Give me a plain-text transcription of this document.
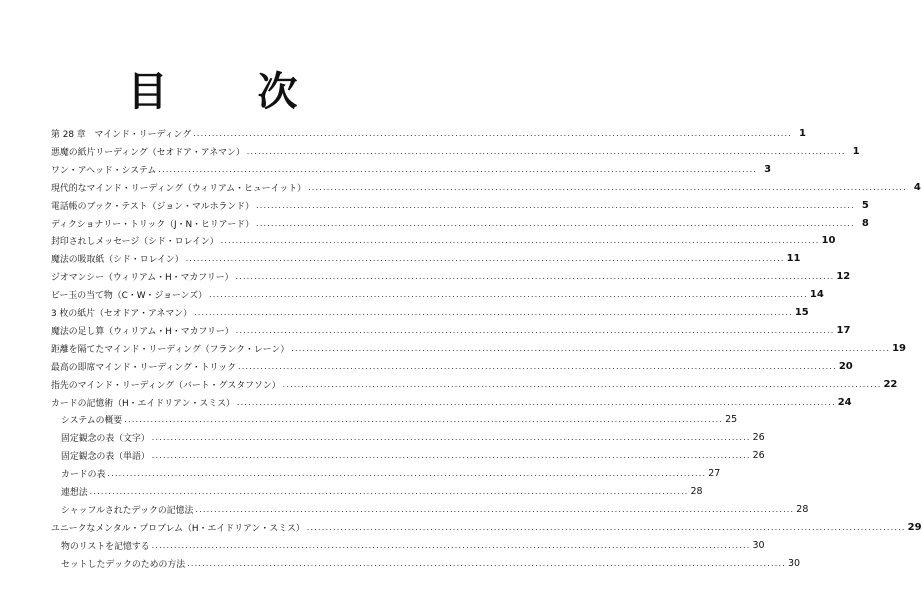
目 次
第 28 章　マインド・リーディング ................................................................................................................................................................ 1
悪魔の紙片リーディング（セオドア・アネマン） ................................................................................................................................................................ 1
ワン・アヘッド・システム ................................................................................................................................................................ 3
現代的なマインド・リーディング（ウィリアム・ヒューイット） ................................................................................................................................................................ 4
電話帳のブック・テスト（ジョン・マルホランド） ................................................................................................................................................................ 5
ディクショナリー・トリック（J・N・ヒリアード） ................................................................................................................................................................ 8
封印されしメッセージ（シド・ロレイン） ................................................................................................................................................................ 10
魔法の吸取紙（シド・ロレイン） ................................................................................................................................................................ 11
ジオマンシー（ウィリアム・H・マカフリー） ................................................................................................................................................................ 12
ビー玉の当て物（C・W・ジョーンズ） ................................................................................................................................................................ 14
3 枚の紙片（セオドア・アネマン） ................................................................................................................................................................ 15
魔法の足し算（ウィリアム・H・マカフリー） ................................................................................................................................................................ 17
距離を隔てたマインド・リーディング（フランク・レーン） ................................................................................................................................................................ 19
最高の即席マインド・リーディング・トリック ................................................................................................................................................................ 20
指先のマインド・リーディング（バート・グスタフソン） ................................................................................................................................................................ 22
カードの記憶術（H・エイドリアン・スミス） ................................................................................................................................................................ 24
システムの概要 ................................................................................................................................................................ 25
固定観念の表（文字） ................................................................................................................................................................ 26
固定観念の表（単語） ................................................................................................................................................................ 26
カードの表 ................................................................................................................................................................ 27
連想法 ................................................................................................................................................................ 28
シャッフルされたデックの記憶法 ................................................................................................................................................................ 28
ユニークなメンタル・プロブレム（H・エイドリアン・スミス） ................................................................................................................................................................ 29
物のリストを記憶する ................................................................................................................................................................ 30
セットしたデックのための方法 ................................................................................................................................................................ 30
